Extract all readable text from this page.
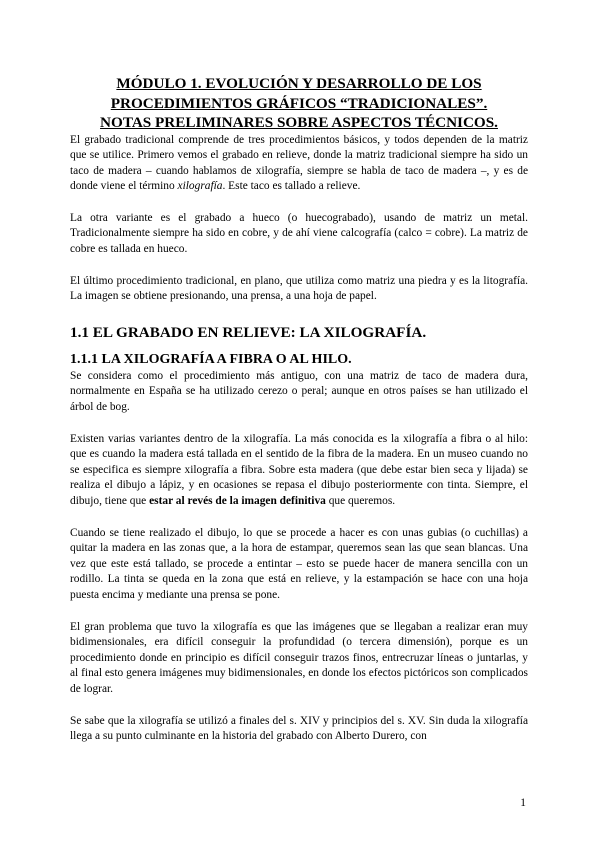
MÓDULO 1. EVOLUCIÓN Y DESARROLLO DE LOS
PROCEDIMIENTOS GRÁFICOS “TRADICIONALES”.
NOTAS PRELIMINARES SOBRE ASPECTOS TÉCNICOS.

El grabado tradicional comprende de tres procedimientos básicos, y todos dependen de la matriz que se utilice. Primero vemos el grabado en relieve, donde la matriz tradicional siempre ha sido un taco de madera – cuando hablamos de xilografía, siempre se habla de taco de madera –, y es de donde viene el término xilografía. Este taco es tallado a relieve.

La otra variante es el grabado a hueco (o huecograbado), usando de matriz un metal. Tradicionalmente siempre ha sido en cobre, y de ahí viene calcografía (calco = cobre). La matriz de cobre es tallada en hueco.

El último procedimiento tradicional, en plano, que utiliza como matriz una piedra y es la litografía. La imagen se obtiene presionando, una prensa, a una hoja de papel.

1.1 EL GRABADO EN RELIEVE: LA XILOGRAFÍA.
1.1.1 LA XILOGRAFÍA A FIBRA O AL HILO.

Se considera como el procedimiento más antiguo, con una matriz de taco de madera dura, normalmente en España se ha utilizado cerezo o peral; aunque en otros países se han utilizado el árbol de bog.

Existen varias variantes dentro de la xilografía. La más conocida es la xilografía a fibra o al hilo: que es cuando la madera está tallada en el sentido de la fibra de la madera. En un museo cuando no se especifica es siempre xilografía a fibra. Sobre esta madera (que debe estar bien seca y lijada) se realiza el dibujo a lápiz, y en ocasiones se repasa el dibujo posteriormente con tinta. Siempre, el dibujo, tiene que estar al revés de la imagen definitiva que queremos.

Cuando se tiene realizado el dibujo, lo que se procede a hacer es con unas gubias (o cuchillas) a quitar la madera en las zonas que, a la hora de estampar, queremos sean las que sean blancas. Una vez que este está tallado, se procede a entintar – esto se puede hacer de manera sencilla con un rodillo. La tinta se queda en la zona que está en relieve, y la estampación se hace con una hoja puesta encima y mediante una prensa se pone.

El gran problema que tuvo la xilografía es que las imágenes que se llegaban a realizar eran muy bidimensionales, era difícil conseguir la profundidad (o tercera dimensión), porque es un procedimiento donde en principio es difícil conseguir trazos finos, entrecruzar líneas o juntarlas, y al final esto genera imágenes muy bidimensionales, en donde los efectos pictóricos son complicados de lograr.

Se sabe que la xilografía se utilizó a finales del s. XIV y principios del s. XV. Sin duda la xilografía llega a su punto culminante en la historia del grabado con Alberto Durero, con

1
